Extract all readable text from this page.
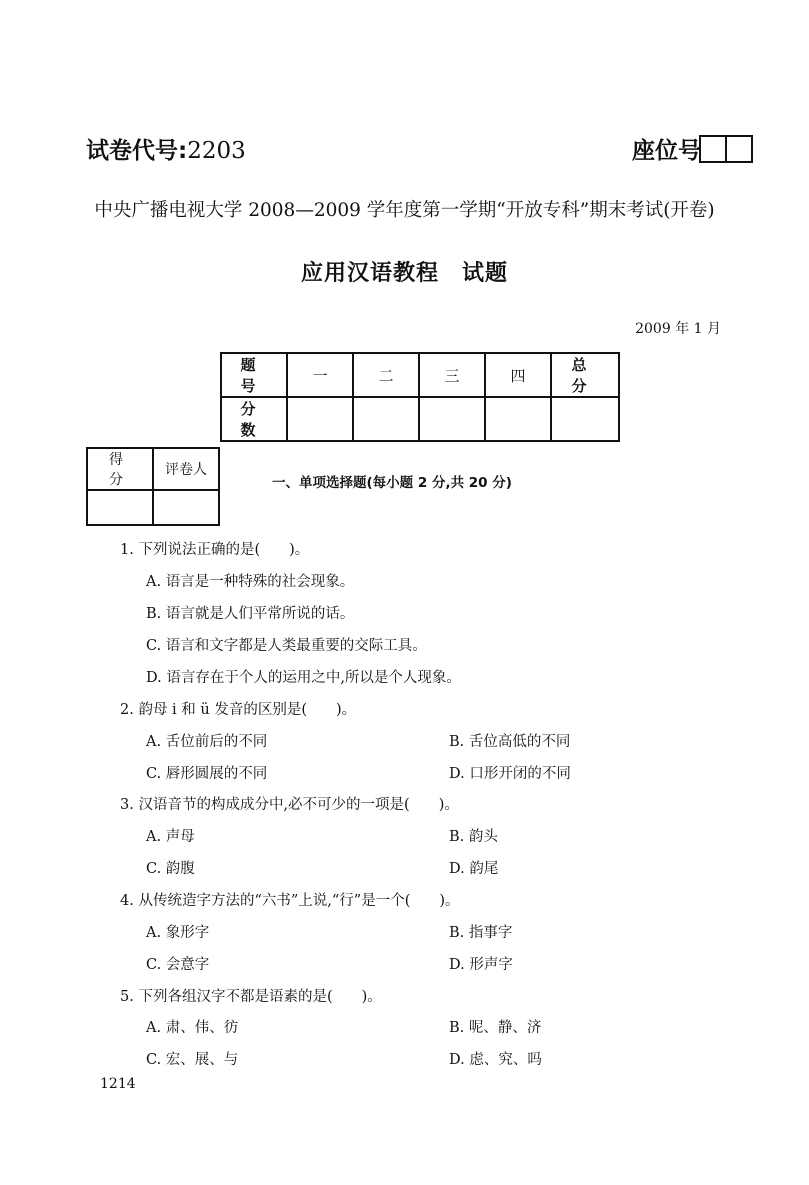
试卷代号:2203	座位号
中央广播电视大学 2008—2009 学年度第一学期“开放专科”期末考试(开卷)
应用汉语教程　试题
2009 年 1 月
题　号	一	二	三	四	总　分
分　数					
得　分	评卷人

一、单项选择题(每小题 2 分,共 20 分)
1. 下列说法正确的是(　　)。
A. 语言是一种特殊的社会现象。
B. 语言就是人们平常所说的话。
C. 语言和文字都是人类最重要的交际工具。
D. 语言存在于个人的运用之中,所以是个人现象。
2. 韵母 i 和 ü 发音的区别是(　　)。
A. 舌位前后的不同	B. 舌位高低的不同
C. 唇形圆展的不同	D. 口形开闭的不同
3. 汉语音节的构成成分中,必不可少的一项是(　　)。
A. 声母	B. 韵头
C. 韵腹	D. 韵尾
4. 从传统造字方法的“六书”上说,“行”是一个(　　)。
A. 象形字	B. 指事字
C. 会意字	D. 形声字
5. 下列各组汉字不都是语素的是(　　)。
A. 肃、伟、彷	B. 呢、静、济
C. 宏、展、与	D. 虑、究、吗
1214
